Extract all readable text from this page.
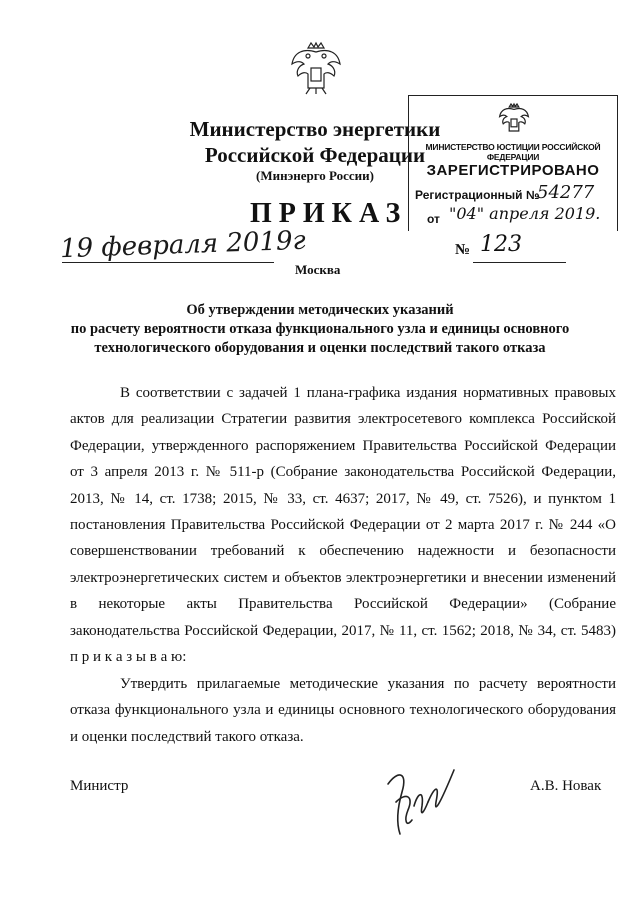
Министерство энергетики
Российской Федерации
(Минэнерго России)
ПРИКАЗ
19 февраля 2019г
Москва
№ 123
МИНИСТЕРСТВО ЮСТИЦИИ РОССИЙСКОЙ ФЕДЕРАЦИИ
ЗАРЕГИСТРИРОВАНО
Регистрационный №
54277
от "04" апреля 2019.
Об утверждении методических указаний
по расчету вероятности отказа функционального узла и единицы основного
технологического оборудования и оценки последствий такого отказа
В соответствии с задачей 1 плана-графика издания нормативных правовых актов для реализации Стратегии развития электросетевого комплекса Российской Федерации, утвержденного распоряжением Правительства Российской Федерации от 3 апреля 2013 г. № 511-р (Собрание законодательства Российской Федерации, 2013, № 14, ст. 1738; 2015, № 33, ст. 4637; 2017, № 49, ст. 7526), и пунктом 1 постановления Правительства Российской Федерации от 2 марта 2017 г. № 244 «О совершенствовании требований к обеспечению надежности и безопасности электроэнергетических систем и объектов электроэнергетики и внесении изменений в некоторые акты Правительства Российской Федерации» (Собрание законодательства Российской Федерации, 2017, № 11, ст. 1562; 2018, № 34, ст. 5483) п р и к а з ы в а ю:
Утвердить прилагаемые методические указания по расчету вероятности отказа функционального узла и единицы основного технологического оборудования и оценки последствий такого отказа.
Министр	А.В. Новак
